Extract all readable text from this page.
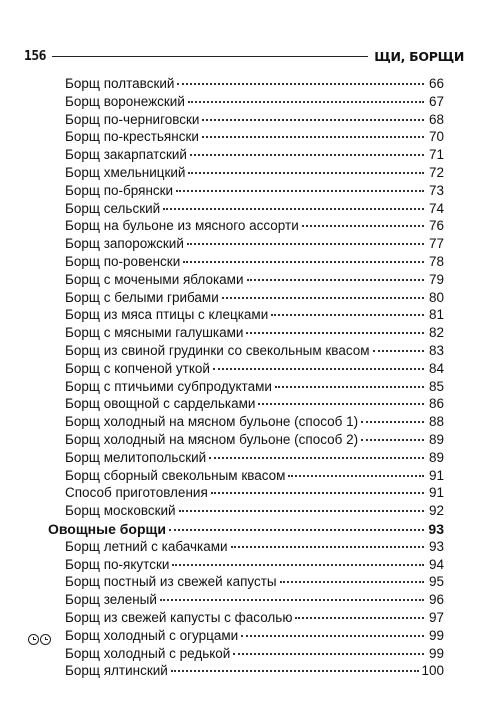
156	ЩИ, БОРЩИ
Борщ полтавский	66
Борщ воронежский	67
Борщ по-черниговски	68
Борщ по-крестьянски	70
Борщ закарпатский	71
Борщ хмельницкий	72
Борщ по-брянски	73
Борщ сельский	74
Борщ на бульоне из мясного ассорти	76
Борщ запорожский	77
Борщ по-ровенски	78
Борщ с мочеными яблоками	79
Борщ с белыми грибами	80
Борщ из мяса птицы с клецками	81
Борщ с мясными галушками	82
Борщ из свиной грудинки со свекольным квасом	83
Борщ с копченой уткой	84
Борщ с птичьими субпродуктами	85
Борщ овощной с сардельками	86
Борщ холодный на мясном бульоне (способ 1)	88
Борщ холодный на мясном бульоне (способ 2)	89
Борщ мелитопольский	89
Борщ сборный свекольным квасом	91
Способ приготовления	91
Борщ московский	92
Овощные борщи	93
Борщ летний с кабачками	93
Борщ по-якутски	94
Борщ постный из свежей капусты	95
Борщ зеленый	96
Борщ из свежей капусты с фасолью	97
Борщ холодный с огурцами	99
Борщ холодный с редькой	99
Борщ ялтинский	100
